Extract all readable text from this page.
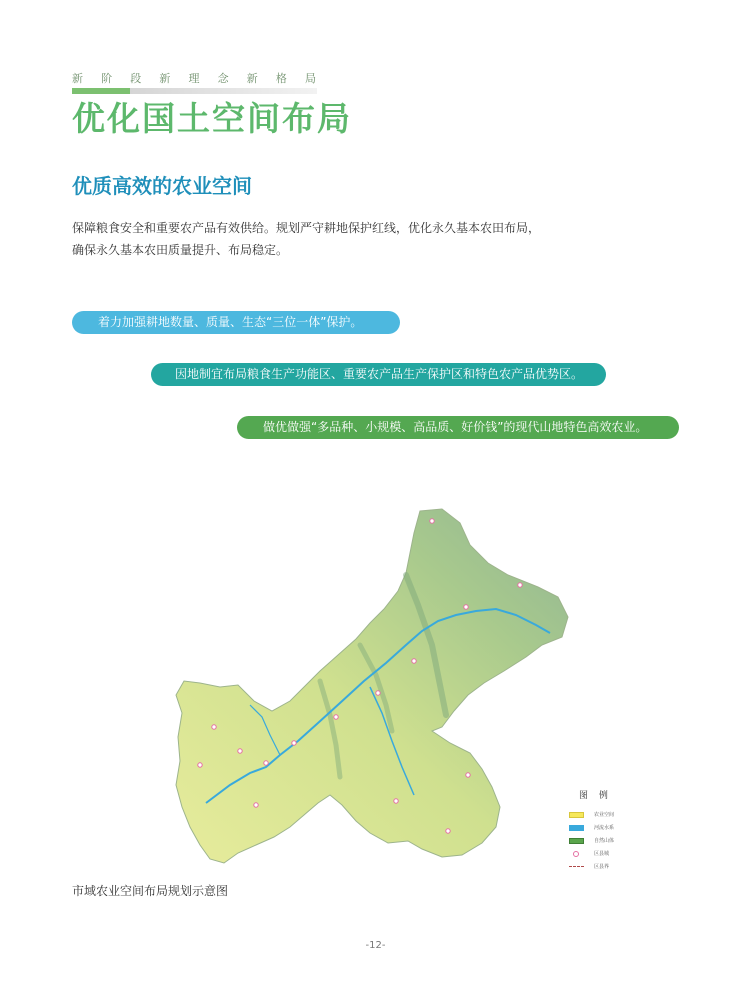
新 阶 段 新 理 念 新 格 局
优化国土空间布局
优质高效的农业空间

保障粮食安全和重要农产品有效供给。规划严守耕地保护红线，优化永久基本农田布局，
确保永久基本农田质量提升、布局稳定。

着力加强耕地数量、质量、生态“三位一体”保护。
因地制宜布局粮食生产功能区、重要农产品生产保护区和特色农产品优势区。
做优做强“多品种、小规模、高品质、好价钱”的现代山地特色高效农业。
图 例
农业空间
河流水系
自然山体
区县城
区县界

市域农业空间布局规划示意图

-12-
